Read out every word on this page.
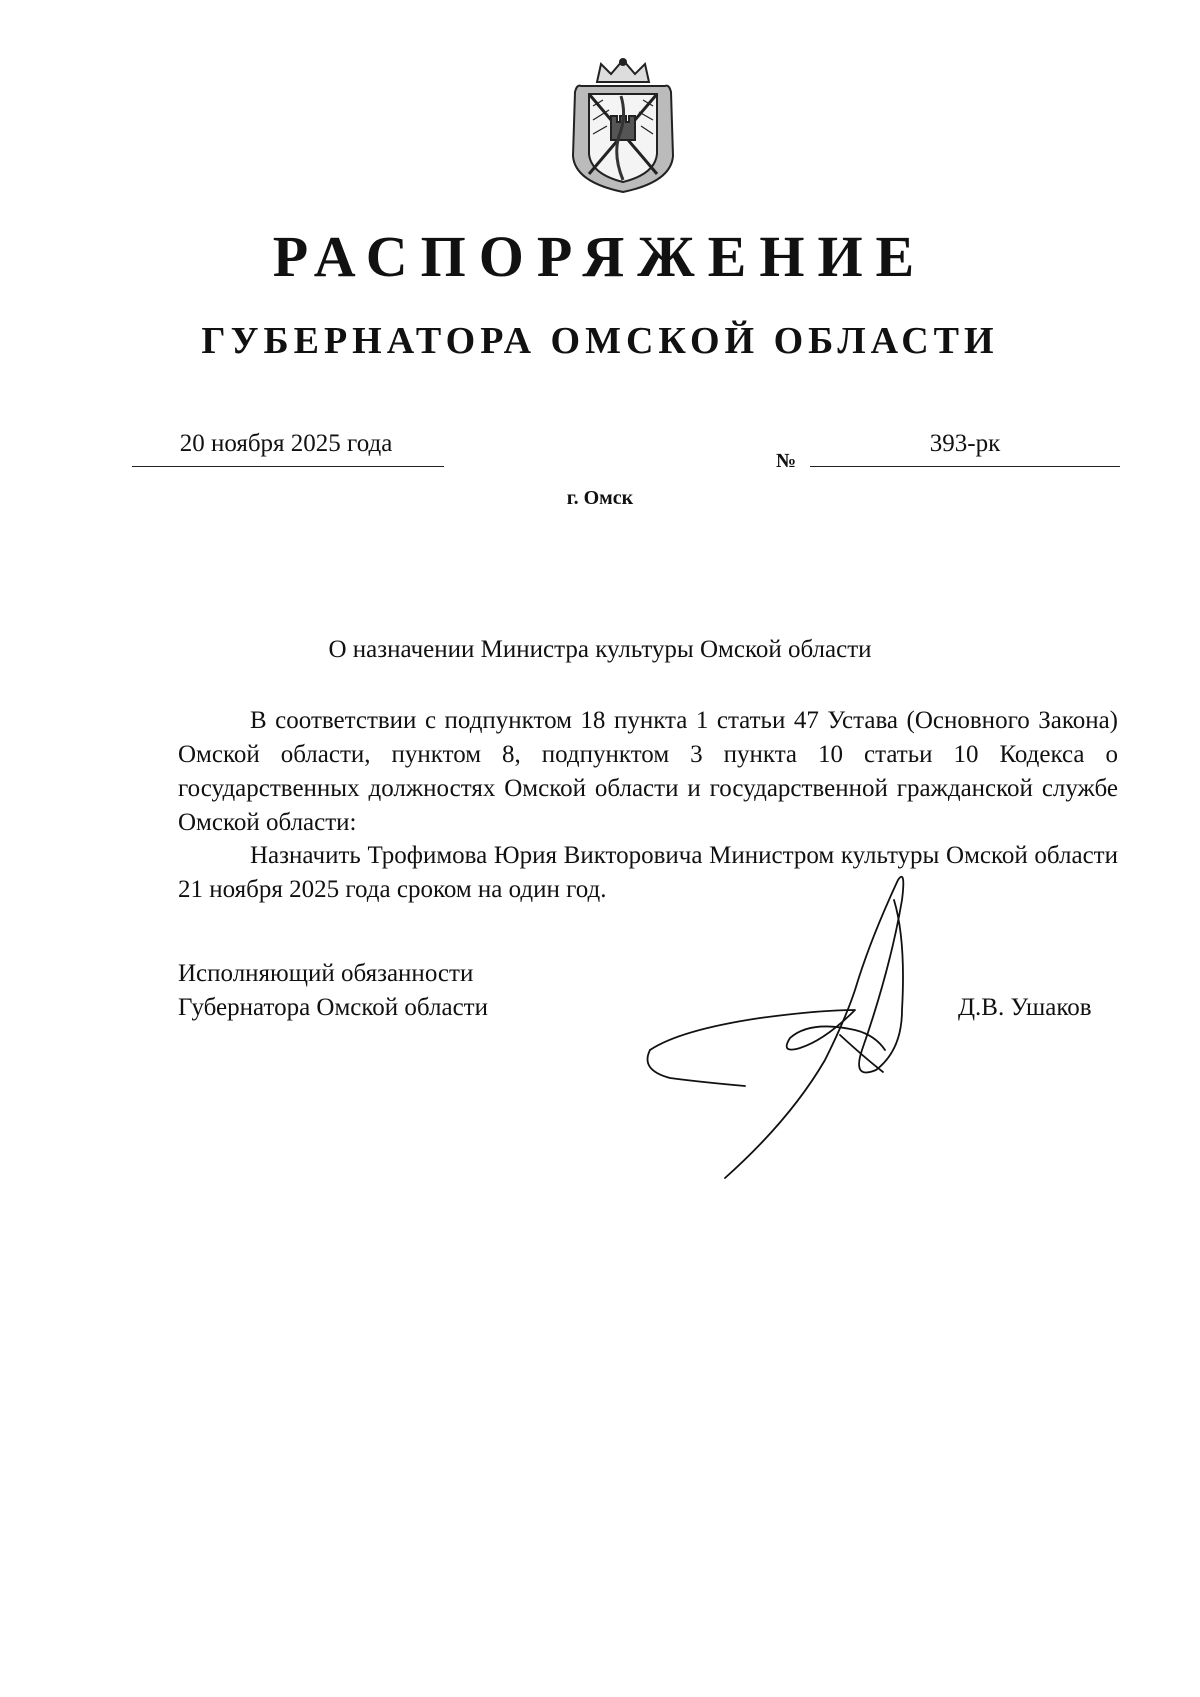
РАСПОРЯЖЕНИЕ
ГУБЕРНАТОРА ОМСКОЙ ОБЛАСТИ
20 ноября 2025 года
№
393-рк
г. Омск
О назначении Министра культуры Омской области
В соответствии с подпунктом 18 пункта 1 статьи 47 Устава (Основного Закона) Омской области, пунктом 8, подпунктом 3 пункта 10 статьи 10 Кодекса о государственных должностях Омской области и государственной гражданской службе Омской области:
Назначить Трофимова Юрия Викторовича Министром культуры Омской области 21 ноября 2025 года сроком на один год.
Исполняющий обязанности
Губернатора Омской области	Д.В. Ушаков
